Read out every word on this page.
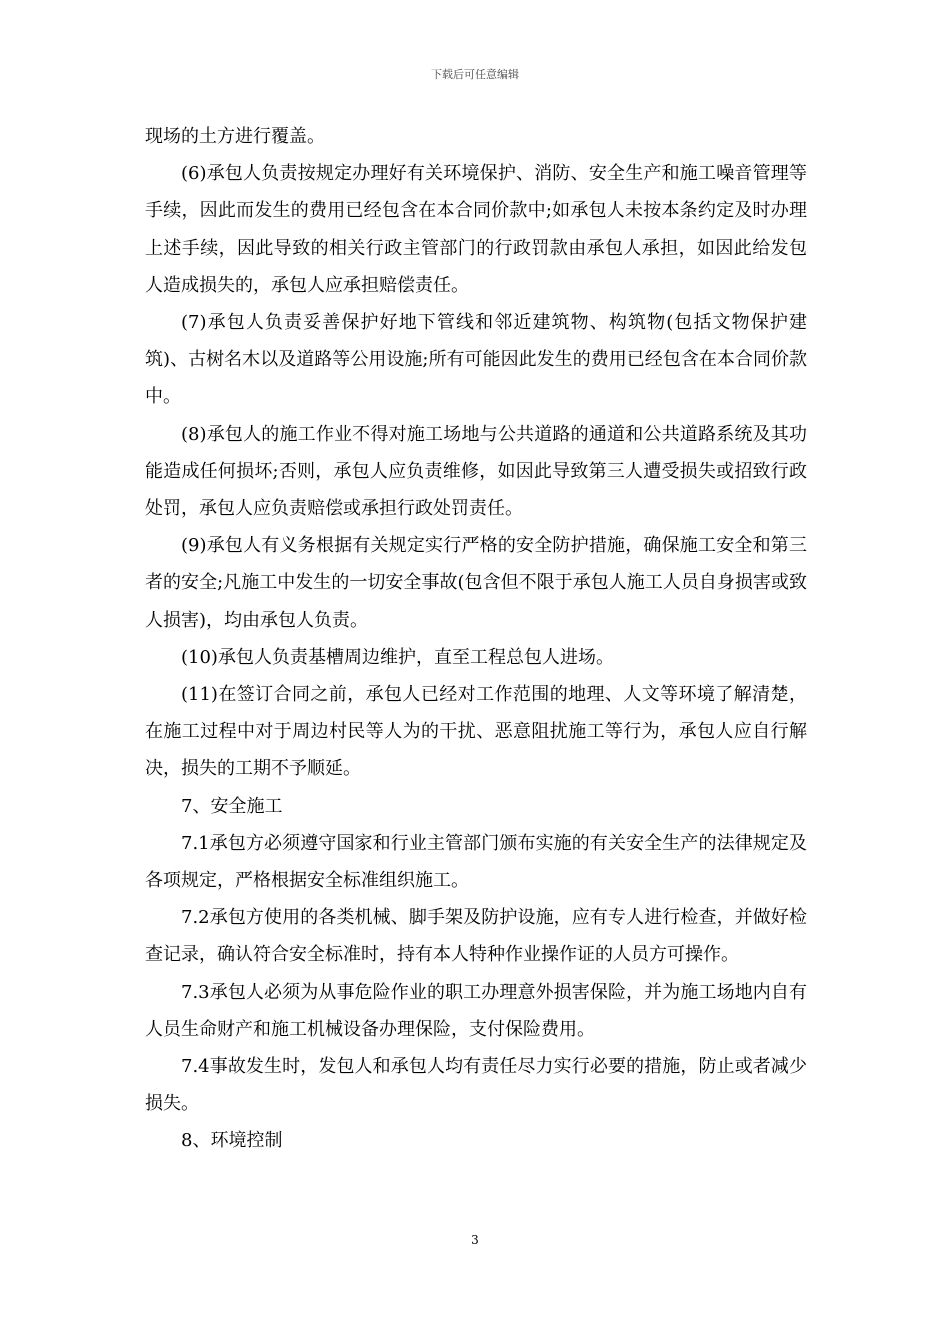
下载后可任意编辑

现场的土方进行覆盖。

(6)承包人负责按规定办理好有关环境保护、消防、安全生产和施工噪音管理等手续，因此而发生的费用已经包含在本合同价款中;如承包人未按本条约定及时办理上述手续，因此导致的相关行政主管部门的行政罚款由承包人承担，如因此给发包人造成损失的，承包人应承担赔偿责任。

(7)承包人负责妥善保护好地下管线和邻近建筑物、构筑物(包括文物保护建筑)、古树名木以及道路等公用设施;所有可能因此发生的费用已经包含在本合同价款中。

(8)承包人的施工作业不得对施工场地与公共道路的通道和公共道路系统及其功能造成任何损坏;否则，承包人应负责维修，如因此导致第三人遭受损失或招致行政处罚，承包人应负责赔偿或承担行政处罚责任。

(9)承包人有义务根据有关规定实行严格的安全防护措施，确保施工安全和第三者的安全;凡施工中发生的一切安全事故(包含但不限于承包人施工人员自身损害或致人损害)，均由承包人负责。

(10)承包人负责基槽周边维护，直至工程总包人进场。

(11)在签订合同之前，承包人已经对工作范围的地理、人文等环境了解清楚，在施工过程中对于周边村民等人为的干扰、恶意阻扰施工等行为，承包人应自行解决，损失的工期不予顺延。

7、安全施工

7.1承包方必须遵守国家和行业主管部门颁布实施的有关安全生产的法律规定及各项规定，严格根据安全标准组织施工。

7.2承包方使用的各类机械、脚手架及防护设施，应有专人进行检查，并做好检查记录，确认符合安全标准时，持有本人特种作业操作证的人员方可操作。

7.3承包人必须为从事危险作业的职工办理意外损害保险，并为施工场地内自有人员生命财产和施工机械设备办理保险，支付保险费用。

7.4事故发生时，发包人和承包人均有责任尽力实行必要的措施，防止或者减少损失。

8、环境控制

3
